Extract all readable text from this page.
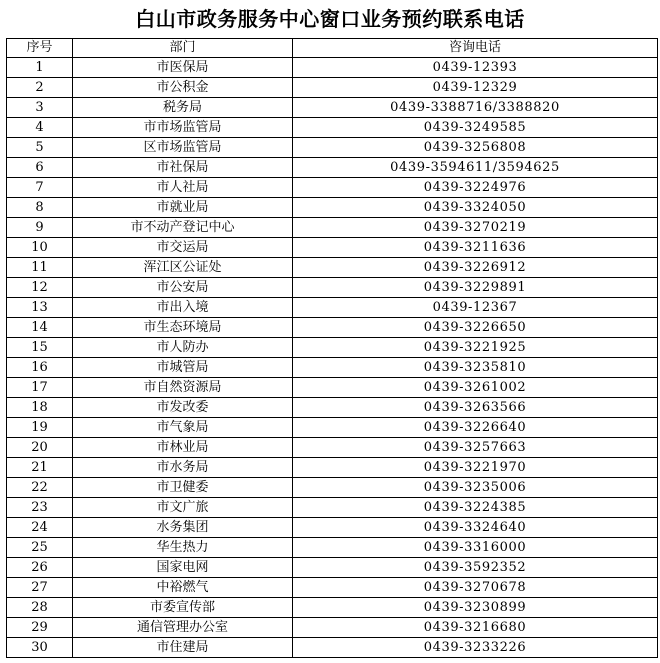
白山市政务服务中心窗口业务预约联系电话
序号	部门	咨询电话
1	市医保局	0439-12393
2	市公积金	0439-12329
3	税务局	0439-3388716/3388820
4	市市场监管局	0439-3249585
5	区市场监管局	0439-3256808
6	市社保局	0439-3594611/3594625
7	市人社局	0439-3224976
8	市就业局	0439-3324050
9	市不动产登记中心	0439-3270219
10	市交运局	0439-3211636
11	浑江区公证处	0439-3226912
12	市公安局	0439-3229891
13	市出入境	0439-12367
14	市生态环境局	0439-3226650
15	市人防办	0439-3221925
16	市城管局	0439-3235810
17	市自然资源局	0439-3261002
18	市发改委	0439-3263566
19	市气象局	0439-3226640
20	市林业局	0439-3257663
21	市水务局	0439-3221970
22	市卫健委	0439-3235006
23	市文广旅	0439-3224385
24	水务集团	0439-3324640
25	华生热力	0439-3316000
26	国家电网	0439-3592352
27	中裕燃气	0439-3270678
28	市委宣传部	0439-3230899
29	通信管理办公室	0439-3216680
30	市住建局	0439-3233226
